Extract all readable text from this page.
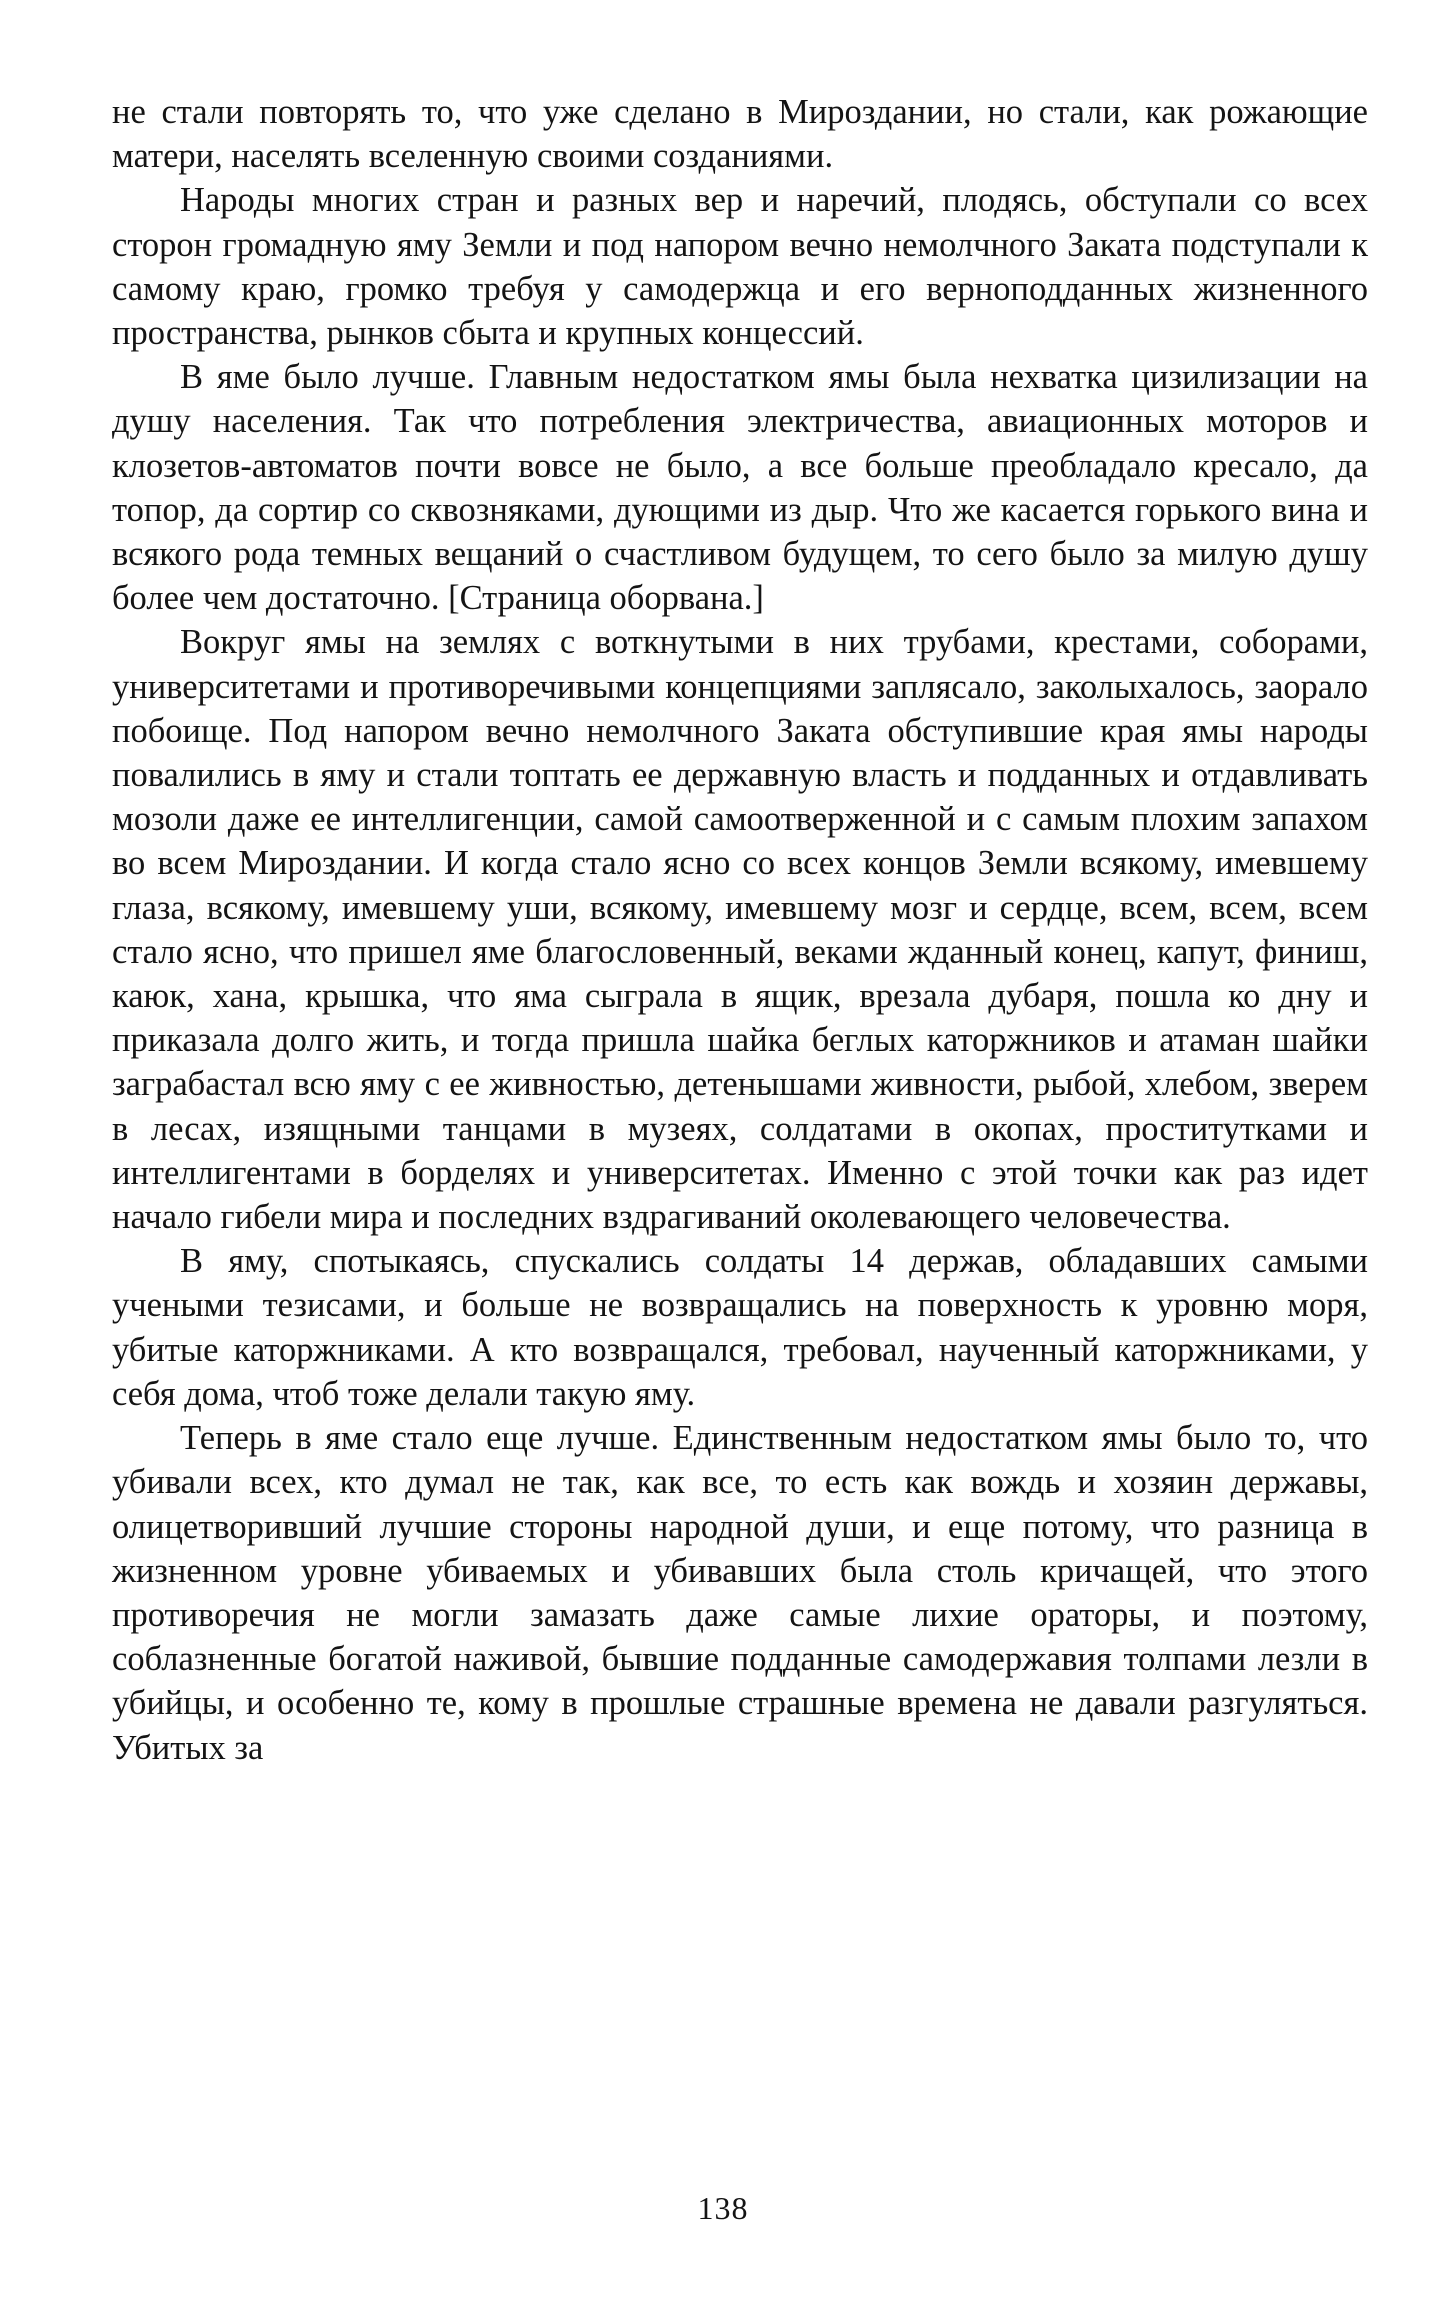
не стали повторять то, что уже сделано в Мироздании, но стали, как рожающие матери, населять вселенную своими созданиями.

Народы многих стран и разных вер и наречий, плодясь, обступали со всех сторон громадную яму Земли и под напором вечно немолчного Заката подступали к самому краю, громко требуя у самодержца и его верноподданных жизненного пространства, рынков сбыта и крупных концессий.

В яме было лучше. Главным недостатком ямы была нехватка цизилизации на душу населения. Так что потребления электричества, авиационных моторов и клозетов-автоматов почти вовсе не было, а все больше преобладало кресало, да топор, да сортир со сквозняками, дующими из дыр. Что же касается горького вина и всякого рода темных вещаний о счастливом будущем, то сего было за милую душу более чем достаточно. [Страница оборвана.]

Вокруг ямы на землях с воткнутыми в них трубами, крестами, соборами, университетами и противоречивыми концепциями заплясало, заколыхалось, заорало побоище. Под напором вечно немолчного Заката обступившие края ямы народы повалились в яму и стали топтать ее державную власть и подданных и отдавливать мозоли даже ее интеллигенции, самой самоотверженной и с самым плохим запахом во всем Мироздании. И когда стало ясно со всех концов Земли всякому, имевшему глаза, всякому, имевшему уши, всякому, имевшему мозг и сердце, всем, всем, всем стало ясно, что пришел яме благословенный, веками жданный конец, капут, финиш, каюк, хана, крышка, что яма сыграла в ящик, врезала дубаря, пошла ко дну и приказала долго жить, и тогда пришла шайка беглых каторжников и атаман шайки заграбастал всю яму с ее живностью, детенышами живности, рыбой, хлебом, зверем в лесах, изящными танцами в музеях, солдатами в окопах, проститутками и интеллигентами в борделях и университетах. Именно с этой точки как раз идет начало гибели мира и последних вздрагиваний околевающего человечества.

В яму, спотыкаясь, спускались солдаты 14 держав, обладавших самыми учеными тезисами, и больше не возвращались на поверхность к уровню моря, убитые каторжниками. А кто возвращался, требовал, наученный каторжниками, у себя дома, чтоб тоже делали такую яму.

Теперь в яме стало еще лучше. Единственным недостатком ямы было то, что убивали всех, кто думал не так, как все, то есть как вождь и хозяин державы, олицетворивший лучшие стороны народной души, и еще потому, что разница в жизненном уровне убиваемых и убивавших была столь кричащей, что этого противоречия не могли замазать даже самые лихие ораторы, и поэтому, соблазненные богатой наживой, бывшие подданные самодержавия толпами лезли в убийцы, и особенно те, кому в прошлые страшные времена не давали разгуляться. Убитых за

138
